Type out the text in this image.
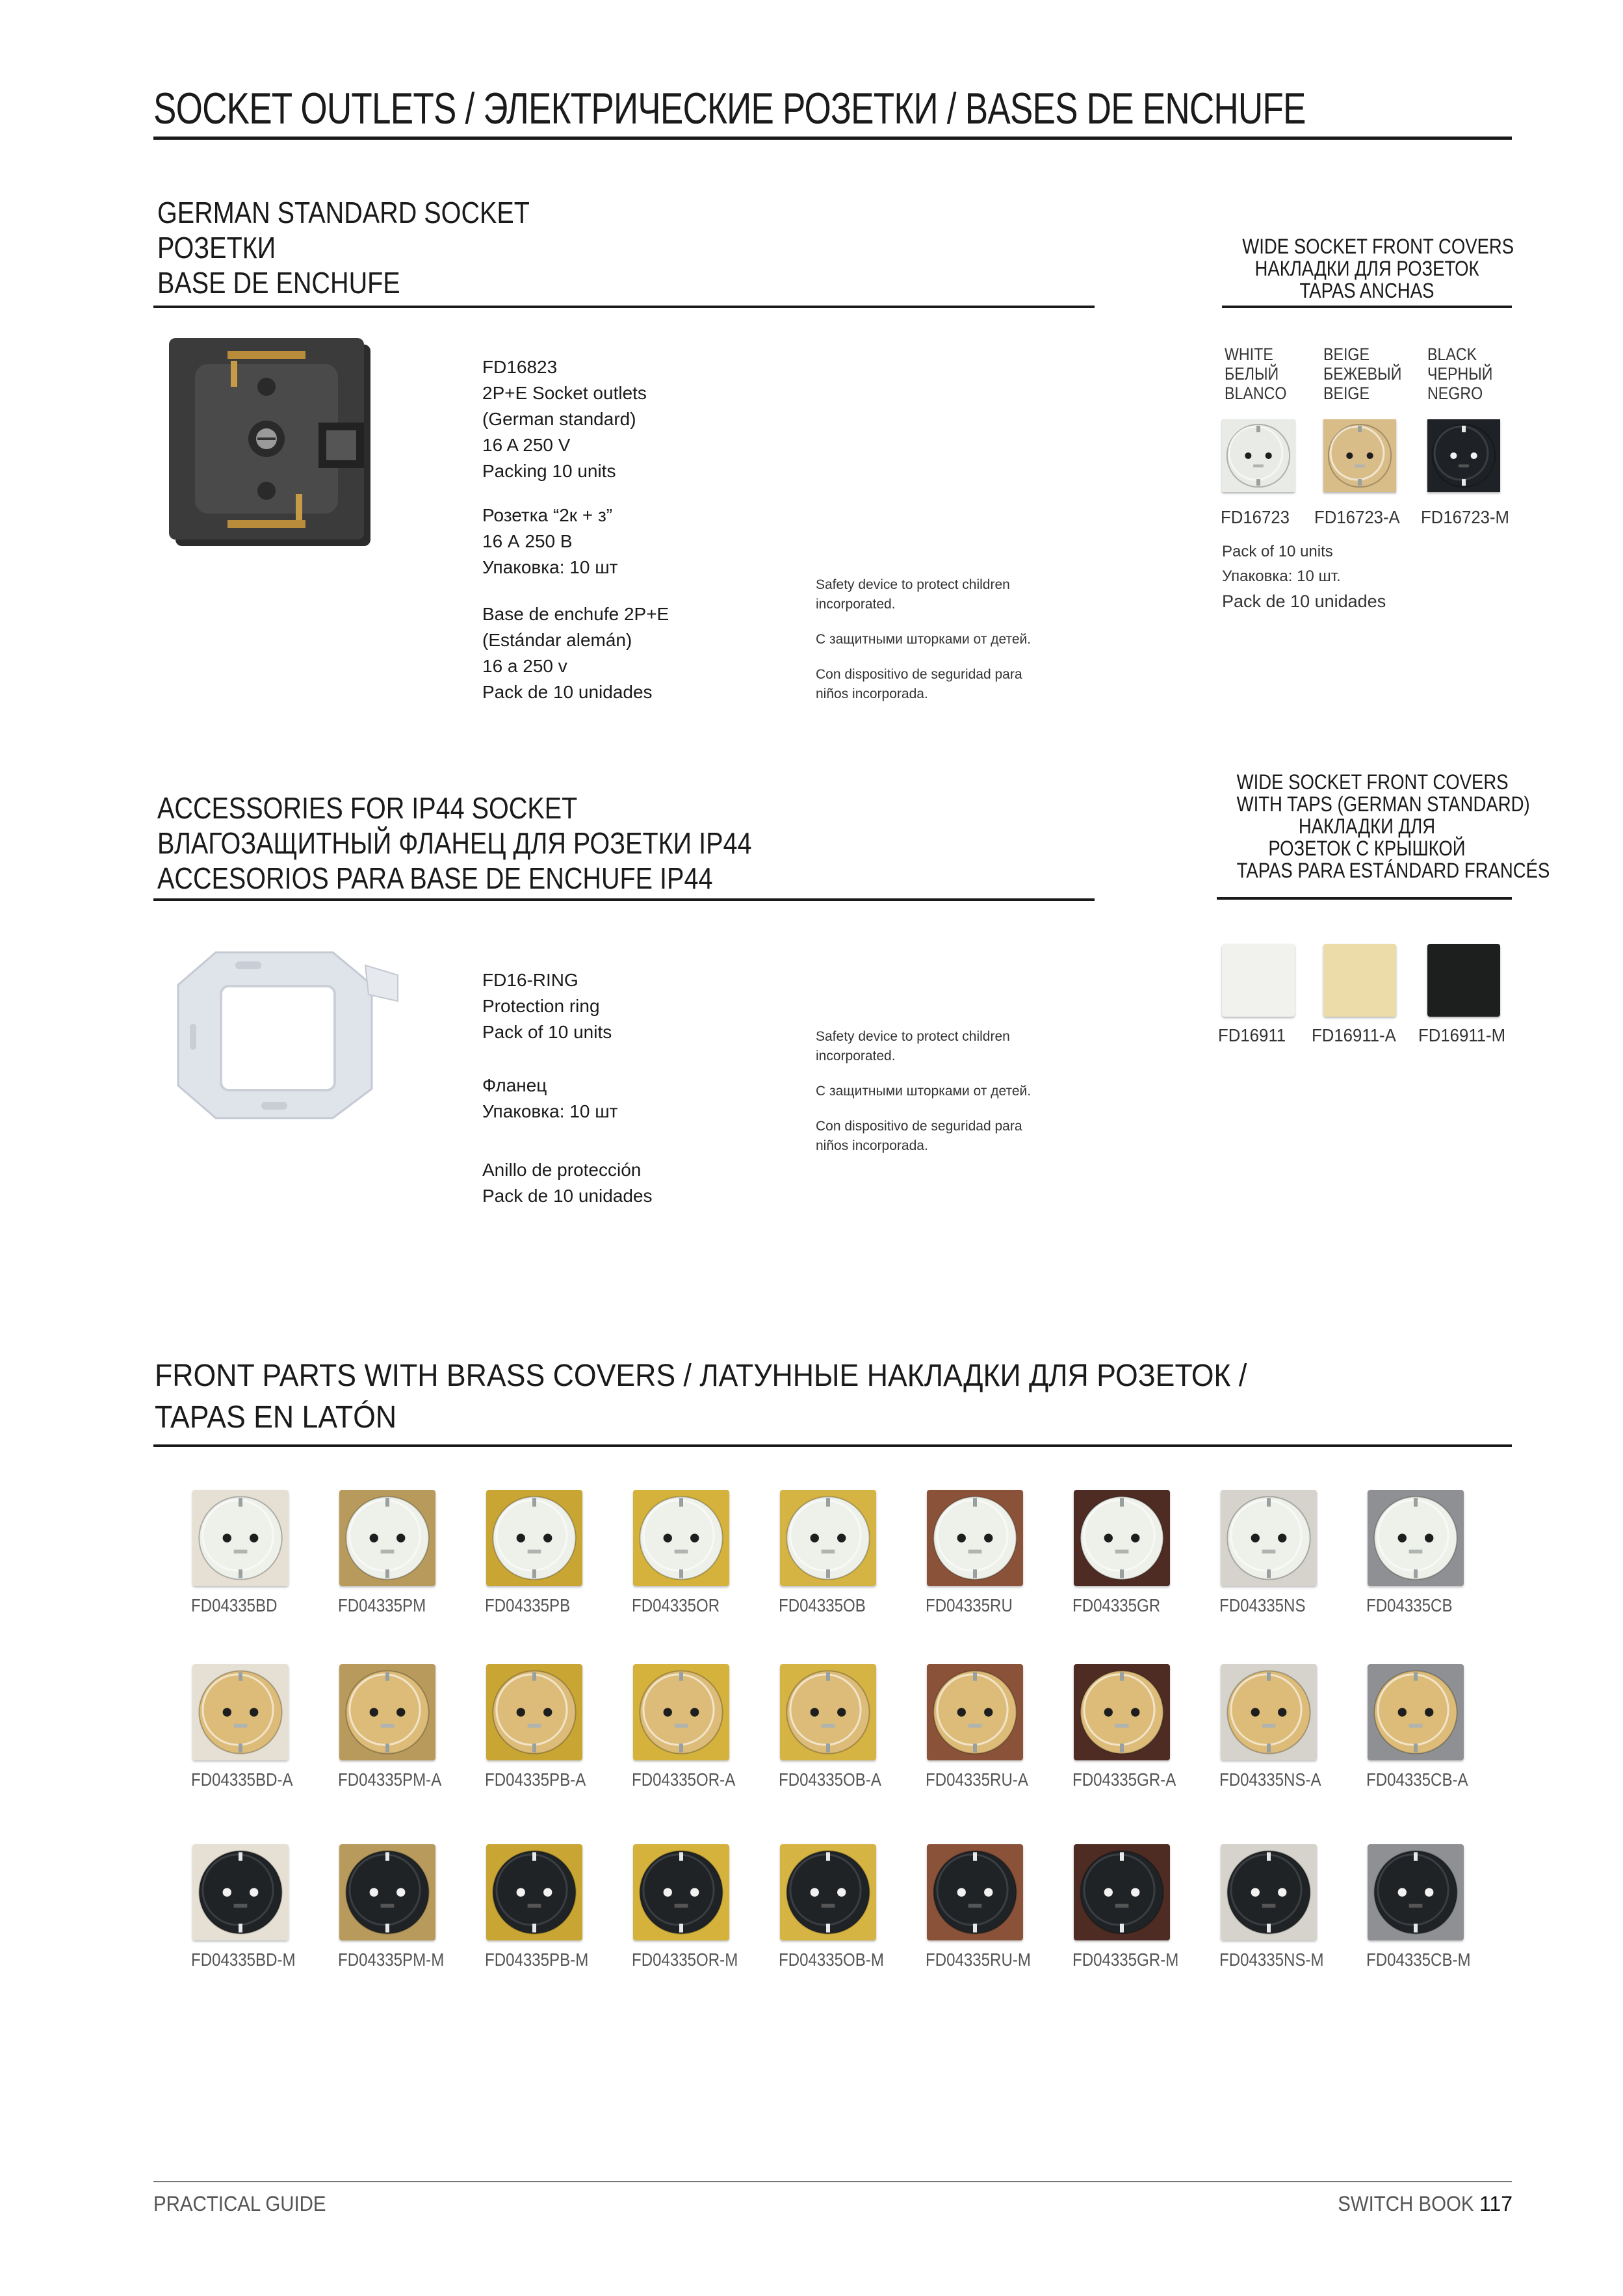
SOCKET OUTLETS / ЭЛЕКТРИЧЕСКИЕ РОЗЕТКИ / BASES DE ENCHUFE
GERMAN STANDARD SOCKET
РОЗЕТКИ
BASE DE ENCHUFE
FD16823
2P+E Socket outlets
(German standard)
16 A 250 V
Packing 10 units
Розетка “2к + з”
16 А 250 В
Упаковка: 10 шт
Base de enchufe 2P+E
(Estándar alemán)
16 a 250 v
Pack de 10 unidades
Safety device to protect children
incorporated.
С защитными шторками от детей.
Con dispositivo de seguridad para
niños incorporada.
WIDE SOCKET FRONT COVERS
НАКЛАДКИ ДЛЯ РОЗЕТОК
TAPAS ANCHAS
WHITE
БЕЛЫЙ
BLANCO
BEIGE
БЕЖЕВЫЙ
BEIGE
BLACK
ЧЕРНЫЙ
NEGRO
FD16723 FD16723-A FD16723-M
Pack of 10 units
Упаковка: 10 шт.
Pack de 10 unidades
ACCESSORIES FOR IP44 SOCKET
ВЛАГОЗАЩИТНЫЙ ФЛАНЕЦ ДЛЯ РОЗЕТКИ IP44
ACCESORIOS PARA BASE DE ENCHUFE IP44
FD16-RING
Protection ring
Pack of 10 units
Фланец
Упаковка: 10 шт
Anillo de protección
Pack de 10 unidades
Safety device to protect children
incorporated.
С защитными шторками от детей.
Con dispositivo de seguridad para
niños incorporada.
WIDE SOCKET FRONT COVERS
WITH TAPS (GERMAN STANDARD)
НАКЛАДКИ ДЛЯ
РОЗЕТОК С КРЫШКОЙ
TAPAS PARA ESTÁNDARD FRANCÉS
FD16911 FD16911-A FD16911-M
FRONT PARTS WITH BRASS COVERS / ЛАТУННЫЕ НАКЛАДКИ ДЛЯ РОЗЕТОК /
TAPAS EN LATÓN
FD04335BD	FD04335PM	FD04335PB	FD04335OR	FD04335OB	FD04335RU	FD04335GR	FD04335NS	FD04335CB
FD04335BD-A FD04335PM-A FD04335PB-A	FD04335OR-A FD04335OB-A FD04335RU-A FD04335GR-A FD04335NS-A FD04335CB-A
FD04335BD-M FD04335PM-M FD04335PB-M FD04335OR-M FD04335OB-M FD04335RU-M FD04335GR-M FD04335NS-M FD04335CB-M
PRACTICAL GUIDE	SWITCH BOOK 117
